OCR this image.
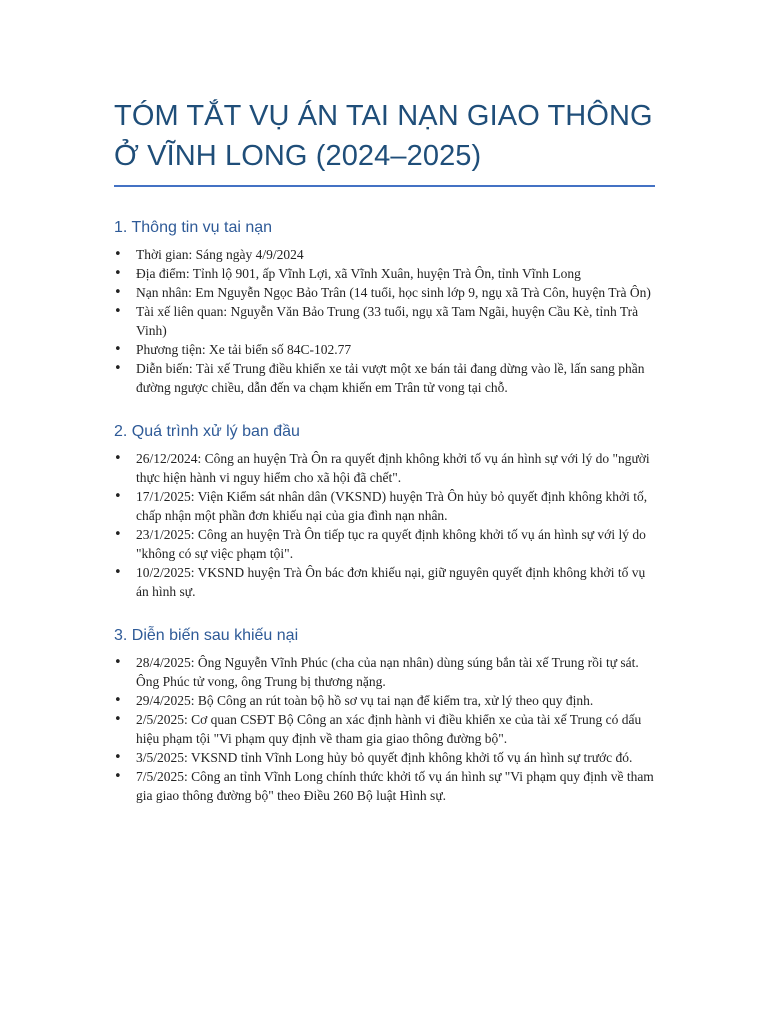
TÓM TẮT VỤ ÁN TAI NẠN GIAO THÔNG
Ở VĨNH LONG (2024–2025)
1. Thông tin vụ tai nạn
• Thời gian: Sáng ngày 4/9/2024
• Địa điểm: Tỉnh lộ 901, ấp Vĩnh Lợi, xã Vĩnh Xuân, huyện Trà Ôn, tỉnh Vĩnh Long
• Nạn nhân: Em Nguyễn Ngọc Bảo Trân (14 tuổi, học sinh lớp 9, ngụ xã Trà Côn, huyện Trà Ôn)
• Tài xế liên quan: Nguyễn Văn Bảo Trung (33 tuổi, ngụ xã Tam Ngãi, huyện Cầu Kè, tỉnh Trà Vinh)
• Phương tiện: Xe tải biển số 84C-102.77
• Diễn biến: Tài xế Trung điều khiển xe tải vượt một xe bán tải đang dừng vào lề, lấn sang phần đường ngược chiều, dẫn đến va chạm khiến em Trân tử vong tại chỗ.
2. Quá trình xử lý ban đầu
• 26/12/2024: Công an huyện Trà Ôn ra quyết định không khởi tố vụ án hình sự với lý do "người thực hiện hành vi nguy hiểm cho xã hội đã chết".
• 17/1/2025: Viện Kiểm sát nhân dân (VKSND) huyện Trà Ôn hủy bỏ quyết định không khởi tố, chấp nhận một phần đơn khiếu nại của gia đình nạn nhân.
• 23/1/2025: Công an huyện Trà Ôn tiếp tục ra quyết định không khởi tố vụ án hình sự với lý do "không có sự việc phạm tội".
• 10/2/2025: VKSND huyện Trà Ôn bác đơn khiếu nại, giữ nguyên quyết định không khởi tố vụ án hình sự.
3. Diễn biến sau khiếu nại
• 28/4/2025: Ông Nguyễn Vĩnh Phúc (cha của nạn nhân) dùng súng bắn tài xế Trung rồi tự sát. Ông Phúc tử vong, ông Trung bị thương nặng.
• 29/4/2025: Bộ Công an rút toàn bộ hồ sơ vụ tai nạn để kiểm tra, xử lý theo quy định.
• 2/5/2025: Cơ quan CSĐT Bộ Công an xác định hành vi điều khiển xe của tài xế Trung có dấu hiệu phạm tội "Vi phạm quy định về tham gia giao thông đường bộ".
• 3/5/2025: VKSND tỉnh Vĩnh Long hủy bỏ quyết định không khởi tố vụ án hình sự trước đó.
• 7/5/2025: Công an tỉnh Vĩnh Long chính thức khởi tố vụ án hình sự "Vi phạm quy định về tham gia giao thông đường bộ" theo Điều 260 Bộ luật Hình sự.
